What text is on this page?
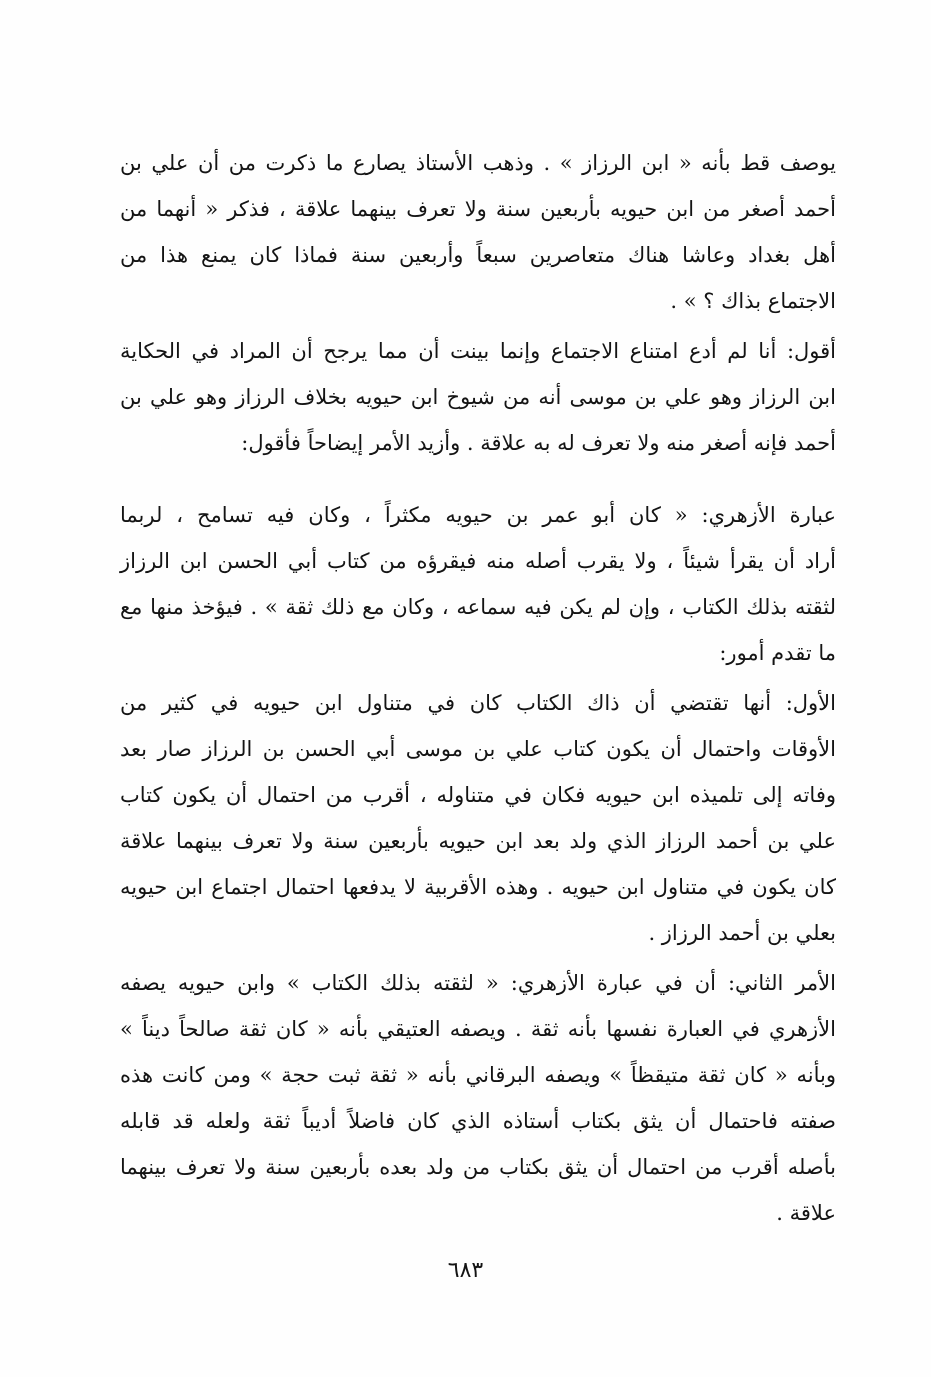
يوصف قط بأنه « ابن الرزاز » . وذهب الأستاذ يصارع ما ذكرت من أن علي بن
أحمد أصغر من ابن حيويه بأربعين سنة ولا تعرف بينهما علاقة ، فذكر « أنهما من
أهل بغداد وعاشا هناك متعاصرين سبعاً وأربعين سنة فماذا كان يمنع هذا من
الاجتماع بذاك ؟ » .
أقول: أنا لم أدع امتناع الاجتماع وإنما بينت أن مما يرجح أن المراد في الحكاية
ابن الرزاز وهو علي بن موسى أنه من شيوخ ابن حيويه بخلاف الرزاز وهو علي بن
أحمد فإنه أصغر منه ولا تعرف له به علاقة . وأزيد الأمر إيضاحاً فأقول:
عبارة الأزهري: « كان أبو عمر بن حيويه مكثراً ، وكان فيه تسامح ، لربما
أراد أن يقرأ شيئاً ، ولا يقرب أصله منه فيقرؤه من كتاب أبي الحسن ابن الرزاز
لثقته بذلك الكتاب ، وإن لم يكن فيه سماعه ، وكان مع ذلك ثقة » . فيؤخذ منها مع
ما تقدم أمور:
الأول: أنها تقتضي أن ذاك الكتاب كان في متناول ابن حيويه في كثير من
الأوقات واحتمال أن يكون كتاب علي بن موسى أبي الحسن بن الرزاز صار بعد
وفاته إلى تلميذه ابن حيويه فكان في متناوله ، أقرب من احتمال أن يكون كتاب
علي بن أحمد الرزاز الذي ولد بعد ابن حيويه بأربعين سنة ولا تعرف بينهما علاقة
كان يكون في متناول ابن حيويه . وهذه الأقربية لا يدفعها احتمال اجتماع ابن حيويه
بعلي بن أحمد الرزاز .
الأمر الثاني: أن في عبارة الأزهري: « لثقته بذلك الكتاب » وابن حيويه يصفه
الأزهري في العبارة نفسها بأنه ثقة . ويصفه العتيقي بأنه « كان ثقة صالحاً ديناً »
وبأنه « كان ثقة متيقظاً » ويصفه البرقاني بأنه « ثقة ثبت حجة » ومن كانت هذه
صفته فاحتمال أن يثق بكتاب أستاذه الذي كان فاضلاً أديباً ثقة ولعله قد قابله
بأصله أقرب من احتمال أن يثق بكتاب من ولد بعده بأربعين سنة ولا تعرف بينهما
علاقة .
٦٨٣
